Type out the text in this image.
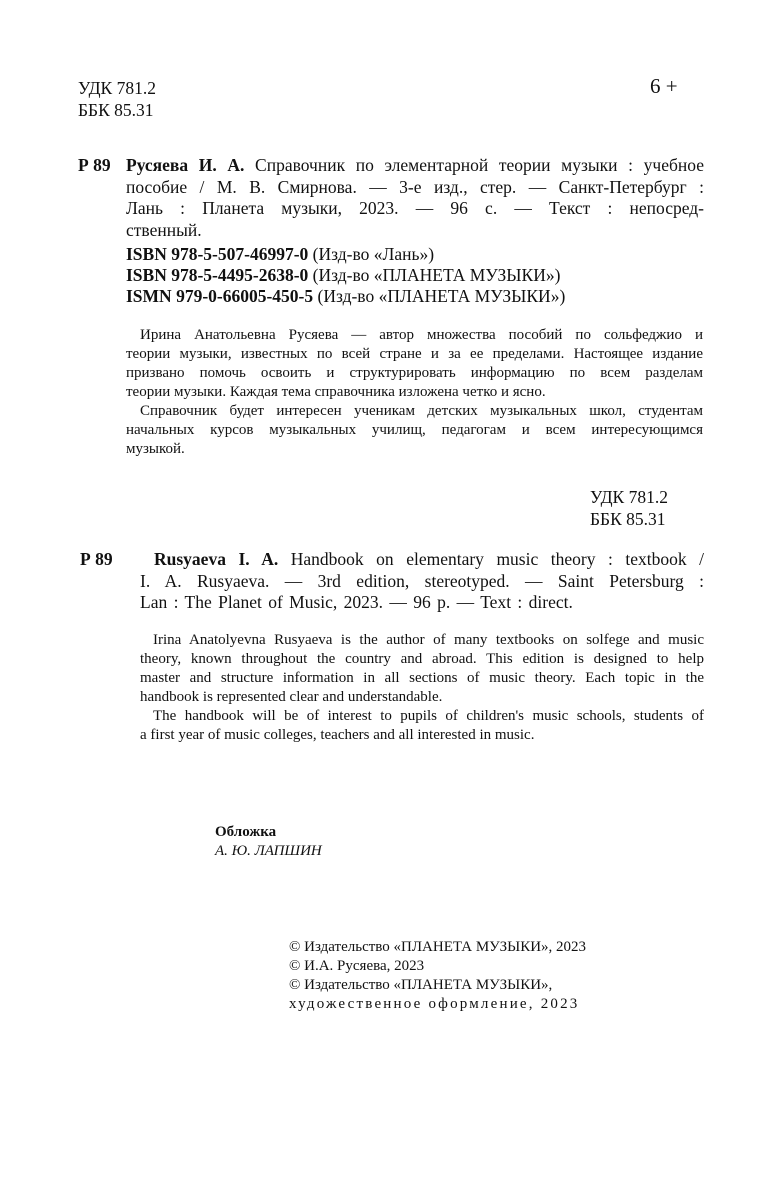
УДК 781.2
ББК 85.31
6 +
Р 89 Русяева И. А. Справочник по элементарной теории музыки : учебное
пособие / М. В. Смирнова. — 3-е изд., стер. — Санкт-Петербург :
Лань : Планета музыки, 2023. — 96 с. — Текст : непосред-
ственный.
ISBN 978-5-507-46997-0 (Изд-во «Лань»)
ISBN 978-5-4495-2638-0 (Изд-во «ПЛАНЕТА МУЗЫКИ»)
ISMN 979-0-66005-450-5 (Изд-во «ПЛАНЕТА МУЗЫКИ»)
Ирина Анатольевна Русяева — автор множества пособий по сольфеджио и
теории музыки, известных по всей стране и за ее пределами. Настоящее издание
призвано помочь освоить и структурировать информацию по всем разделам
теории музыки. Каждая тема справочника изложена четко и ясно.
Справочник будет интересен ученикам детских музыкальных школ, студентам
начальных курсов музыкальных училищ, педагогам и всем интересующимся
музыкой.
УДК 781.2
ББК 85.31
Р 89	Rusyaeva I. A. Handbook on elementary music theory : textbook /
I. A. Rusyaeva. — 3rd edition, stereotyped. — Saint Petersburg :
Lan : The Planet of Music, 2023. — 96 p. — Text : direct.
Irina Anatolyevna Rusyaeva is the author of many textbooks on solfege and music
theory, known throughout the country and abroad. This edition is designed to help
master and structure information in all sections of music theory. Each topic in the
handbook is represented clear and understandable.
The handbook will be of interest to pupils of children's music schools, students of
a first year of music colleges, teachers and all interested in music.
Обложка
А. Ю. ЛАПШИН
© Издательство «ПЛАНЕТА МУЗЫКИ», 2023
© И.А. Русяева, 2023
© Издательство «ПЛАНЕТА МУЗЫКИ»,
художественное оформление, 2023
